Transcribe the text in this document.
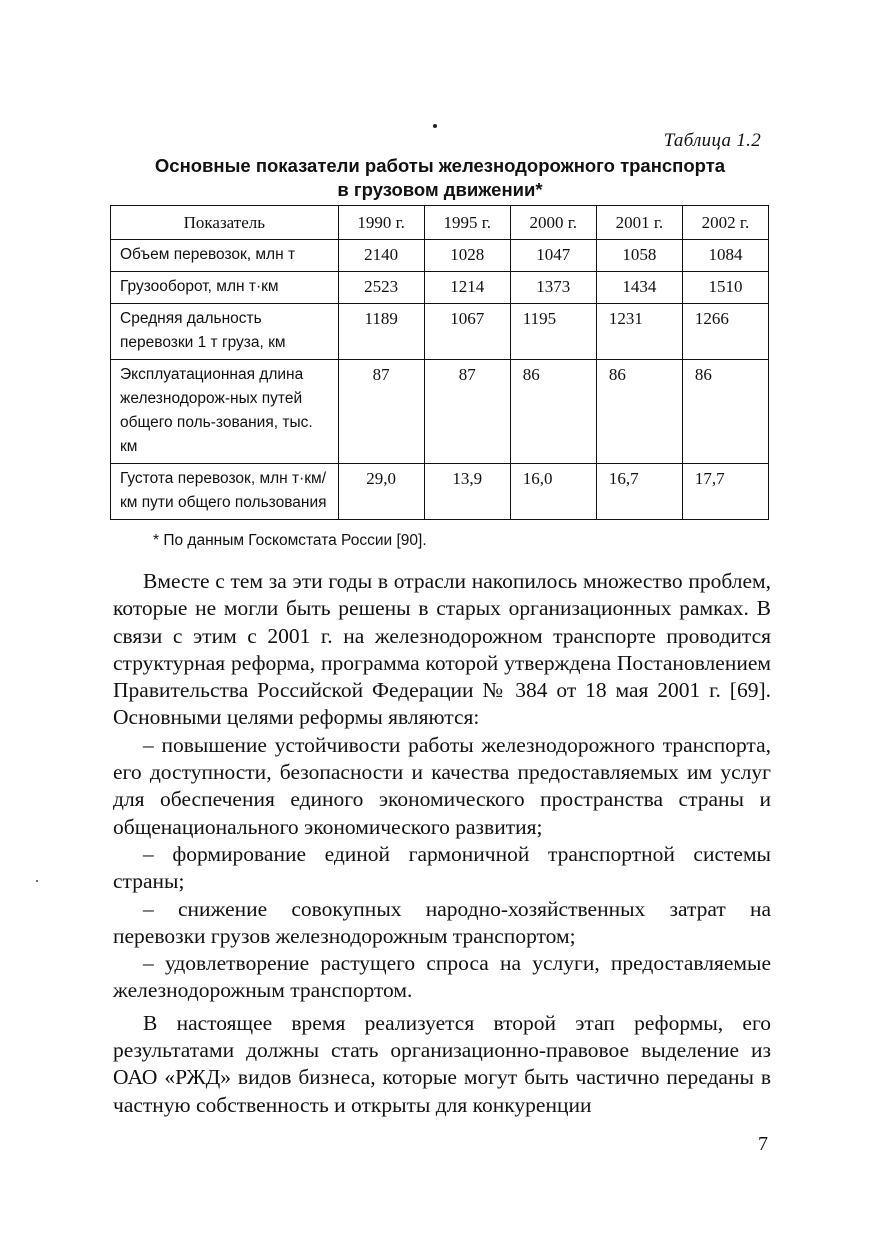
Таблица 1.2
Основные показатели работы железнодорожного транспорта
в грузовом движении*
Показатель	1990 г.	1995 г.	2000 г.	2001 г.	2002 г.
Объем перевозок, млн т	2140	1028	1047	1058	1084
Грузооборот, млн т·км	2523	1214	1373	1434	1510
Средняя дальность перевозки 1 т груза, км	1189	1067	1195	1231	1266
Эксплуатационная длина железнодорож-ных путей общего поль-зования, тыс. км	87	87	86	86	86
Густота перевозок, млн т·км/км пути общего пользования	29,0	13,9	16,0	16,7	17,7
* По данным Госкомстата России [90].

Вместе с тем за эти годы в отрасли накопилось множество проблем, которые не могли быть решены в старых организационных рамках. В связи с этим с 2001 г. на железнодорожном транспорте проводится структурная реформа, программа которой утверждена Постановлением Правительства Российской Федерации № 384 от 18 мая 2001 г. [69]. Основными целями реформы являются:

– повышение устойчивости работы железнодорожного транспорта, его доступности, безопасности и качества предоставляемых им услуг для обеспечения единого экономического пространства страны и общенационального экономического развития;

– формирование единой гармоничной транспортной системы страны;

– снижение совокупных народно-хозяйственных затрат на перевозки грузов железнодорожным транспортом;

– удовлетворение растущего спроса на услуги, предоставляемые железнодорожным транспортом.

В настоящее время реализуется второй этап реформы, его результатами должны стать организационно-правовое выделение из ОАО «РЖД» видов бизнеса, которые могут быть частично переданы в частную собственность и открыты для конкуренции

7
